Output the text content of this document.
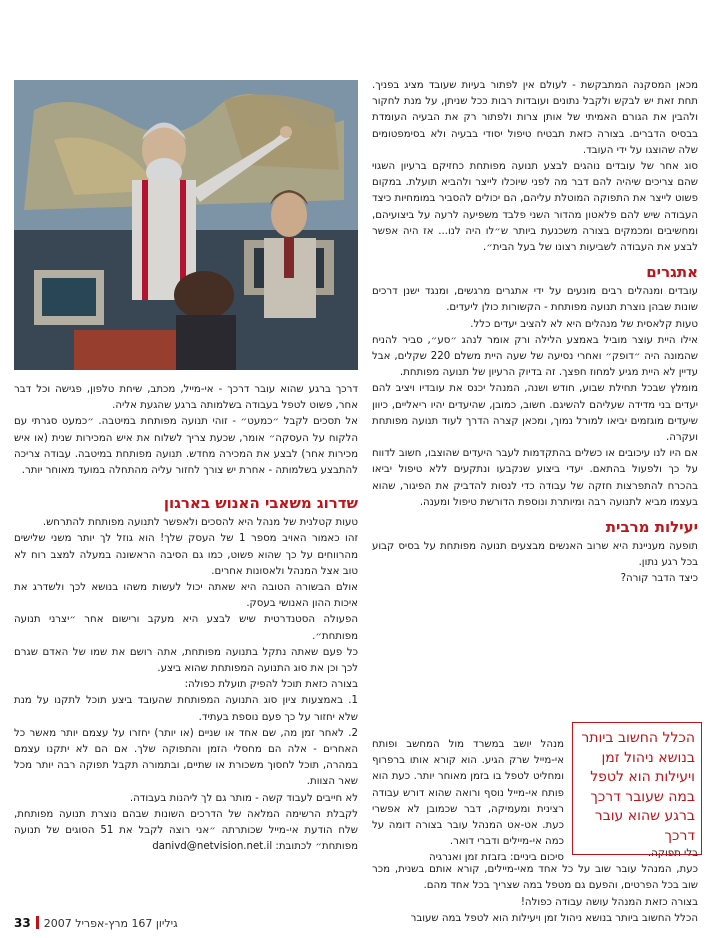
מכאן המסקנה המתבקשת - לעולם אין לפתור בעיות שעובד מציג בפניך. תחת זאת יש לבקש ולקבל נתונים ועובדות רבות ככל שניתן, על מנת לחקור ולהבין את הגורם האמיתי של אותן צרות ולפתור רק את הבעיה העומדת בבסיס הדברים. בצורה כזאת תבטיח טיפול יסודי בבעיה ולא בסימפטומים שלה שהוצגו על ידי העובד.

סוג אחר של עובדים נוהגים לבצע תנועה מפותחת כחזיקם ברעיון השגוי שהם צריכים שיהיה להם דבר מה לפני שיוכלו לייצר ולהביא תועלת. במקום פשוט לייצר את התפוקה המוטלת עליהם, הם יכולים להסביר במומחיות כיצד העבודה שיש להם פלאטון מהדור השני פלבד משפיעה לרעה על ביצועיהם, ומחשיבים ומכמקים בצורה משכנעת ביותר ש״לו היה לנו... אז היה אפשר לבצע את העבודה לשביעות רצונו של בעל הבית״.

אתגרים

עובדים ומנהלים רבים מונעים על ידי אתגרים מרגשים, ומנגד ישנן דרכים שונות שבהן נוצרת תנועה מפותחת - הקשורות כולן ליעדים.

טעות קלאסית של מנהלים היא לא להציב יעדים כלל.

אילו היית עוצר מוביל באמצע הלילה ורק אומר לנהג ״סע״, סביר להניח שהמונה היה ״דופק״ ואחרי נסיעה של שעה היית משלם 220 שקלים, אבל עדיין לא היית מגיע למחוז חפצך. זה בדיוק הרעיון של תנועה מפותחת.

מומלץ שבכל תחילת שבוע, חודש ושנה, המנהל יכנס את עובדיו ויציב להם יעדים בני מדידה שעליהם להשיגם. חשוב, כמובן, שהיעדים יהיו ריאליים, כיוון שיעדים מוגזמים יביאו למורל נמוך, ומכאן קצרה הדרך לעוד תנועה מפותחת ועקרה.

אם היו לנו עיכובים או כשלים בהתקדמות לעבר היעדים שהוצבו, חשוב לדווח על כך ולפעול בהתאם. יעדי ביצוע שנקבעו ונתקעים ללא טיפול יביאו בהכרח להתפרצות חזקה של עבודה כדי לנסות להדביק את הפיגור, שהוא בעצמו מביא לתנועה רבה ומיותרת ונוספת הדורשת טיפול ומענה.

יעילות מרבית

תופעה מעניינת היא שרוב האנשים מבצעים תנועה מפותחת על בסיס קבוע בכל רגע נתון.

כיצד הדבר קורה?

מנהל יושב במשרד מול המחשב ופותח אי-מייל שרק הגיע. הוא קורא אותו ברפרוף ומחליט לטפל בו בזמן מאוחר יותר. כעת הוא פותח אי-מייל נוסף ורואה שהוא דורש עבודה רצינית ומעמיקה, דבר שכמובן לא אפשרי כעת. אט-אט המנהל עובר בצורה דומה על כמה אי-מיילים ודברי דואר.

סיכום ביניים: בזבזת זמן ואנרגיה	בלי תפוקה.

כעת, המנהל עובר שוב על כל אחד מאי-מיילים, קורא אותם בשנית, מכר שוב בכל הפרטים, והפעם גם מטפל במה שצריך בכל אחד מהם.

בצורה כזאת המנהל עושה עבודה כפולה!

הכלל החשוב ביותר בנושא ניהול זמן ויעילות הוא לטפל במה שעובר

הכלל החשוב ביותר בנושא ניהול זמן ויעילות הוא לטפל במה שעובר דרכך ברגע שהוא עובר דרכך

דרכך ברגע שהוא עובר דרכך - אי-מייל, מכתב, שיחת טלפון, פגישה וכל דבר אחר, פשוט לטפל בעבודה בשלמותה ברגע שהגעת אליה.

אל תסכים לקבל ״כמעט״ - זוהי תנועה מפותחת במיטבה. ״כמעט סגרתי עם הלקוח על העסקה״ אומר, שכעת צריך לשלוח את איש המכירות שנית (או איש מכירות אחר) לבצע את המכירה מחדש. תנועה מפותחת במיטבה. עבודה צריכה להתבצע בשלמותה - אחרת יש צורך לחזור עליה מהתחלה במועד מאוחר יותר.

שדרוג משאבי האנוש בארגון

טעות קטלנית של מנהל היא להסכים ולאפשר לתנועה מפותחת להתרחש.

זהו כאמור האויב מספר 1 של העסק שלך! הוא גוזל לך יותר משני שלישים מהרווחים על כך שהוא פשוט, כמו גם הסיבה הראשונה במעלה למצב רוח לא טוב אצל המנהל ולאסונות אחרים.

אולם הבשורה הטובה היא שאתה יכול לעשות משהו בנושא לכך ולשדרג את איכות ההון האנושי בעסק.

הפעולה הסטנדרטית שיש לבצע היא מעקב ורישום אחר ״יצרני תנועה מפותחת״.

כל פעם שאתה נתקל בתנועה מפותחת, אתה רושם את שמו של האדם שגרם לכך וכן את סוג התנועה המפותחת שהוא ביצע.

בצורה כזאת תוכל להפיק תועלת כפולה:

1. באמצעות ציון סוג התנועה המפותחת שהעובד ביצע תוכל לתקנו על מנת שלא יחזור על כך פעם נוספת בעתיד.

2. לאחר זמן מה, שם אחד או שניים (או יותר) יחזרו על עצמם יותר מאשר כל האחרים - אלה הם מחסלי הזמן והתפוקה שלך. אם הם לא יתקנו עצמם במהרה, תוכל לחסוך משכורת או שתיים, ובתמורה תקבל תפוקה רבה יותר מכל שאר הצוות.

לא חייבים לעבוד קשה - מותר גם לך ליהנות בעבודה.

לקבלת הרשימה המלאה של הדרכים השונות שבהם נוצרת תנועה מפותחת, שלח הודעת אי-מייל שכותרתה ״אני רוצה לקבל את 51 הסוגים של תנועה מפותחת״ לכתובת: danivd@netvision.net.il

33 גיליון 167 מרץ-אפריל 2007
